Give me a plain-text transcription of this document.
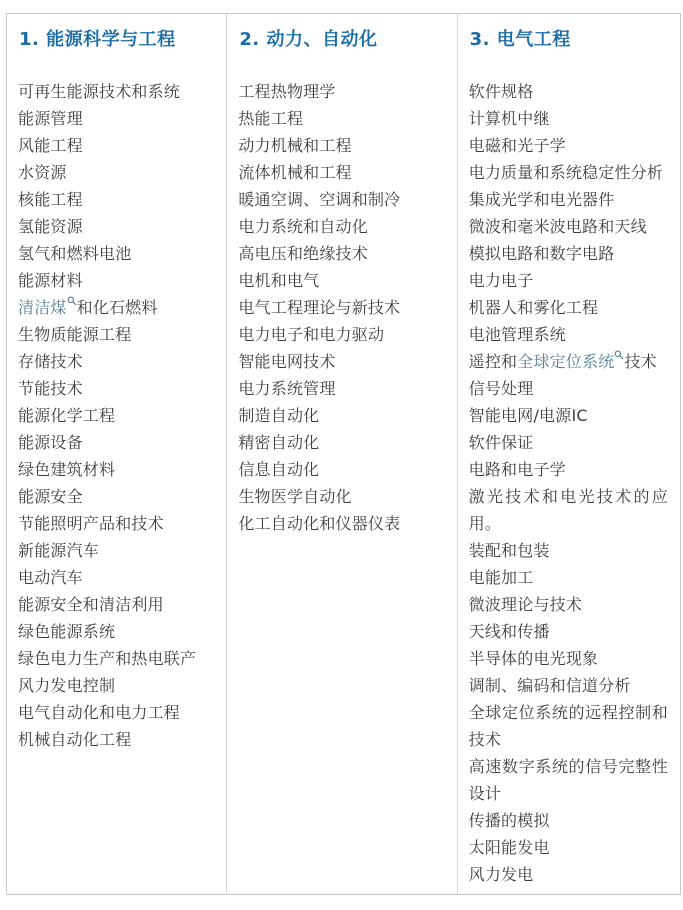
1. 能源科学与工程
可再生能源技术和系统
能源管理
风能工程
水资源
核能工程
氢能资源
氢气和燃料电池
能源材料
清洁煤 和化石燃料
生物质能源工程
存储技术
节能技术
能源化学工程
能源设备
绿色建筑材料
能源安全
节能照明产品和技术
新能源汽车
电动汽车
能源安全和清洁利用
绿色能源系统
绿色电力生产和热电联产
风力发电控制
电气自动化和电力工程
机械自动化工程
2. 动力、自动化
工程热物理学
热能工程
动力机械和工程
流体机械和工程
暖通空调、空调和制冷
电力系统和自动化
高电压和绝缘技术
电机和电气
电气工程理论与新技术
电力电子和电力驱动
智能电网技术
电力系统管理
制造自动化
精密自动化
信息自动化
生物医学自动化
化工自动化和仪器仪表
3. 电气工程
软件规格
计算机中继
电磁和光子学
电力质量和系统稳定性分析
集成光学和电光器件
微波和毫米波电路和天线
模拟电路和数字电路
电力电子
机器人和雾化工程
电池管理系统
遥控和全球定位系统 技术
信号处理
智能电网/电源IC
软件保证
电路和电子学
激光技术和电光技术的应用。
装配和包装
电能加工
微波理论与技术
天线和传播
半导体的电光现象
调制、编码和信道分析
全球定位系统的远程控制和技术
高速数字系统的信号完整性设计
传播的模拟
太阳能发电
风力发电
